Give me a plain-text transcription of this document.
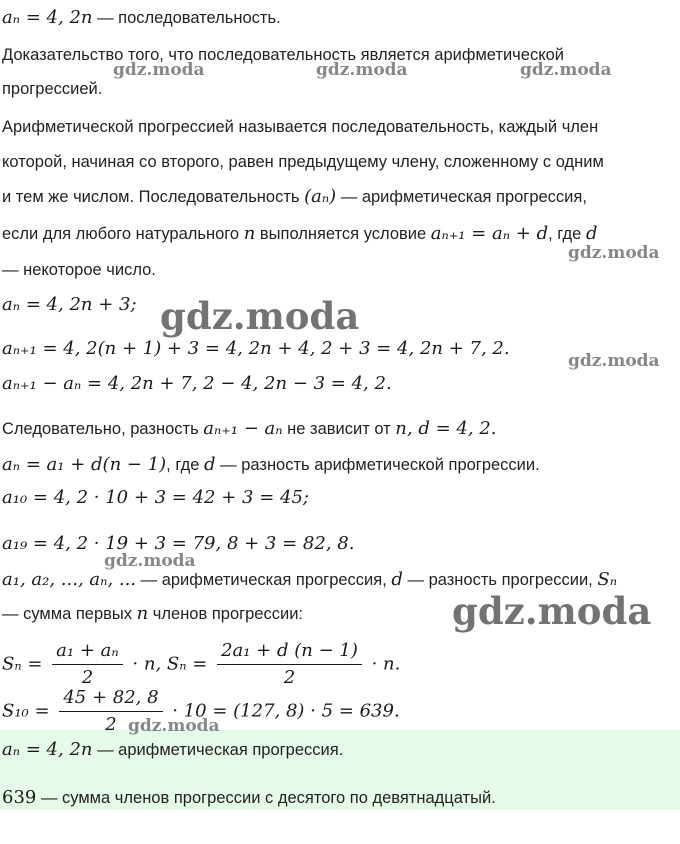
aₙ = 4, 2n — последовательность.
Доказательство того, что последовательность является арифметической
прогрессией.
Арифметической прогрессией называется последовательность, каждый член
которой, начиная со второго, равен предыдущему члену, сложенному с одним
и тем же числом. Последовательность (aₙ) — арифметическая прогрессия,
если для любого натурального n выполняется условие aₙ₊₁ = aₙ + d, где d
— некоторое число.
aₙ = 4, 2n + 3;
aₙ₊₁ = 4, 2(n + 1) + 3 = 4, 2n + 4, 2 + 3 = 4, 2n + 7, 2.
aₙ₊₁ − aₙ = 4, 2n + 7, 2 − 4, 2n − 3 = 4, 2.
Следовательно, разность aₙ₊₁ − aₙ не зависит от n, d = 4, 2.
aₙ = a₁ + d(n − 1), где d — разность арифметической прогрессии.
a₁₀ = 4, 2 · 10 + 3 = 42 + 3 = 45;
a₁₉ = 4, 2 · 19 + 3 = 79, 8 + 3 = 82, 8.
a₁, a₂, ..., aₙ, ... — арифметическая прогрессия, d — разность прогрессии, Sₙ
— сумма первых n членов прогрессии:
$S_n = \frac{\text{a₁ + aₙ}}{2} \cdot n$, $S_n = \frac{\text{2a₁ + d (n − 1)}}{2} \cdot n$.
$S_{10} = \frac{45 + 82, 8}{2} \cdot 10 = (127$, 8) · 5 = 639.
aₙ = 4, 2n — арифметическая прогрессия.
639 — сумма членов прогрессии с десятого по девятнадцатый.
gdz.moda	gdz.moda	gdz.moda
gdz.moda
gdz.moda
gdz.moda
gdz.moda
gdz.moda
gdz.moda
